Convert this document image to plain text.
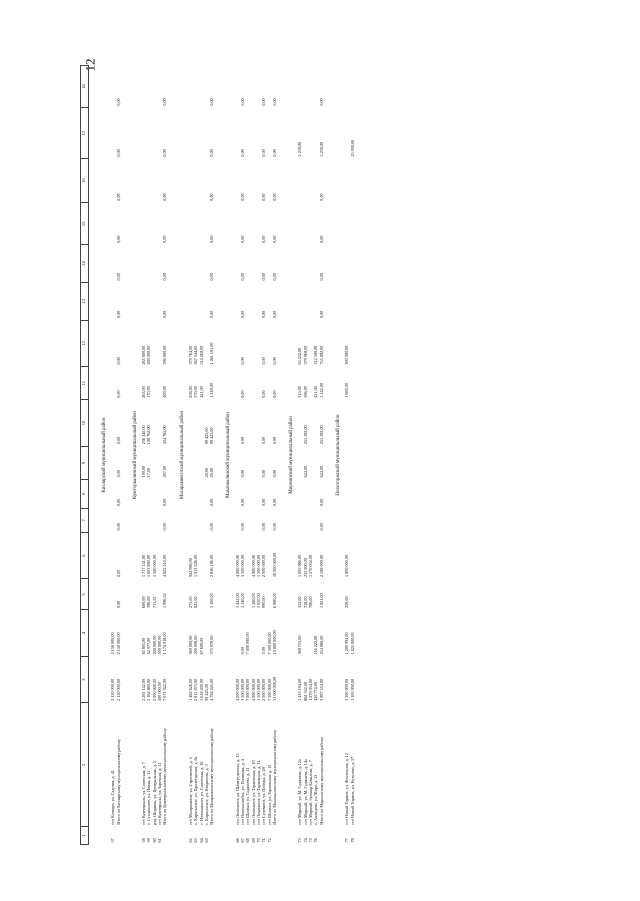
12
1	2	3	4	5	6	7	8	9	10	11	12	13	14	15	16	17	18

Кизлярский муниципальный район																	
57	пгт Кочкарь, ул. Садовая, д. 41	2 150 000,00	2 150 000,00														
	Итого по Кизлярскому муниципальному району	2 150 000,00	2 150 000,00	0,00	0,00	0,00	0,00	0,00	0,00	0,00	0,00	0,00	0,00	0,00	0,00	0,00	0,00

Кумторкалинский муниципальный район																	
58	пгт Кумторкала, ул. Советская, д. 7	2 281 142,00	85 805,00	600,00	1 717 141,00			100,00	256 440,00	263,00	265 800,00						
59	с. Сталинское, ул. Новая, д. 11	2 184 880,00	52 077,00	396,00	1 605 880,00			17,00	108 762,00	170,00	289 000,00						
60	рзд. Ширяева, ул. Центральная, д. 5	2 000 000,00	200 000,00	711,52	1 500 000,00												
61	пгт Кумторкала, ул. Заречная, д. 11	500 000,00	500 000,00														
	Итого по Кумторкалинскому муниципальному району	7 071 022,00	1 174 018,00	1 996,52	4 822 210,00	0,00	0,00	267,00	434 765,00	400,00	396 800,00	0,00	0,00	0,00	0,00	0,00	0,00

Магарамкентский муниципальный район																	
62	пгт Магарамкент, ул. Строителей, д. 5	1 482 626,00	360 000,00	275,00	922 980,00					258,00	379 764,00						
63	с. Киркинское, ул. Пролетарская, д. 8а	2 811 873,00	200 000,00	825,00	1 913 226,00					570,00	367 344,00						
64	с. Новокаякент, ул. Советская, д. 16	1 618 200,00	67 609,00							421,00	514 260,00						
65	с. Киркинское, ул. Некрасова, д. 3	99 425,00						20,00	99 425,00								
	Итого по Магарамкентскому муниципальному району	4 794 245,00	575 879,00	1 100,00	2 836 186,00	0,00	0,00	20,00	99 425,00	1 249,00	1 261 103,00	0,00	0,00	0,00	0,00	0,00	0,00

Махачкалинский муниципальный район																	
66	пгт Ленинкент, ул. Шамсутдинова, д. 13	4 000 000,00		1 442,00	4 000 000,00												
67	пгт Новокаспийск, ул. Полякова, д. 4	3 500 000,00	0,00	1 146,00	3 500 000,00	0,00	0,00	0,00	0,00	0,00	0,00	0,00	0,00	0,00	0,00	0,00	0,00
68	пгт Шамхал, ул. Гаджиева, д. 11	7 000 000,00	7 000 000,00														
69	пгт Ленинкент, ул. Тарковская, д. 10	4 900 000,00		1 200,00	4 900 000,00												
70	пгт Ленинкент, ул. Тарковская, д. 11	1 500 000,00		1 050,00	1 500 000,00												
71	пгт Сулевкент, ул. Победы, д. 28	2 000 000,00	0,00	990,00	2 000 000,00	0,00	0,00	0,00	0,00	0,00	0,00	0,00	0,00	0,00	0,00	0,00	0,00
72	пгт Шамхал, ул. Тарковская, д. 15	7 500 000,00	7 500 000,00														
	Итого по Махачкалинскому муниципальному району	31 000 000,00	15 000 000,00	6 806,00	16 000 000,00	0,00	0,00	0,00	0,00	0,00	0,00	0,00	0,00	0,00	0,00	0,00	0,00

Мирнинский муниципальный район																	
73	пгт Мирный, ул. М. Гаджиева, д. 12а	1 433 194,00	368 755,00	352,00	1 005 966,00					315,00	63 432,00					5 230,00	
74	пгт Мирный, ул. М. Гаджиева, д. 14а	862 552,00		718,00	232 900,00			624,00	251 192,00	396,00	379 960,00						
75	пгт Мирный, бульвар Камалова, д. 7	1 270 034,00		706,00	1 270 034,00												
76	с. Ахмедова, ул. Мира, д. 13	430 774,00	116 225,00							431,00	312 500,00						
	Итого по Мирнинскому муниципальному району	3 997 554,00	434 980,00	1 821,00	2 508 900,00	0,00	0,00	624,00	251 192,00	1 142,00	755 892,00	0,00	0,00	0,00	0,00	5 230,00	0,00

Новоторжский муниципальный район																	
77	пгт Новый Торжок, ул. Фонтанная, д. 12	3 300 000,00	1 200 994,00	250,00	1 800 000,00					1 660,00	300 000,00						
78	пгт Новый Торжок, ул. Кутузова, д. 37	1 100 000,00	1 025 000,00													25 000,00	
